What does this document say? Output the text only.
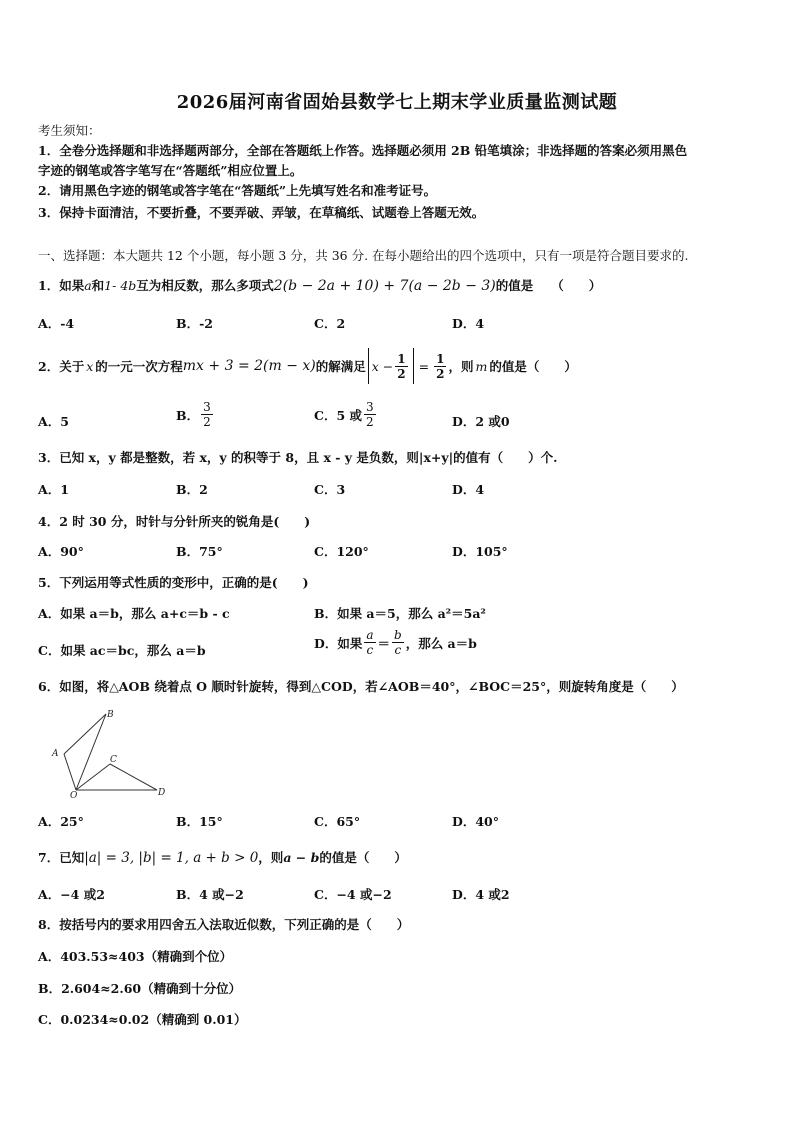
2026届河南省固始县数学七上期末学业质量监测试题
考生须知：
1．全卷分选择题和非选择题两部分，全部在答题纸上作答。选择题必须用 2B 铅笔填涂；非选择题的答案必须用黑色
字迹的钢笔或答字笔写在“答题纸”相应位置上。
2．请用黑色字迹的钢笔或答字笔在“答题纸”上先填写姓名和准考证号。
3．保持卡面清洁，不要折叠，不要弄破、弄皱，在草稿纸、试题卷上答题无效。
一、选择题：本大题共 12 个小题，每小题 3 分，共 36 分. 在每小题给出的四个选项中，只有一项是符合题目要求的.
1．如果a和1- 4b互为相反数，那么多项式2(b − 2a + 10) + 7(a − 2b − 3)的值是 （　　）
A．-4	B．-2	C．2	D．4
2．关于 x 的一元一次方程 mx + 3 = 2(m − x) 的解满足 $x - \frac{1}{2} = \frac{1}{2}$ ，则 m 的值是（　　）
A．5	B． $\frac{3}{2}$	C．5 或 $\frac{3}{2}$	D．2 或0
3．已知 x，y 都是整数，若 x，y 的积等于 8，且 x - y 是负数，则|x+y|的值有（　　）个.
A．1	B．2	C．3	D．4
4．2 时 30 分，时针与分针所夹的锐角是(　　)
A．90°	B．75°	C．120°	D．105°
5．下列运用等式性质的变形中，正确的是(　　)
A．如果 a＝b，那么 a+c＝b - c	B．如果 a＝5，那么 a²＝5a²
C．如果 ac＝bc，那么 a＝b	D．如果 $\frac{a}{c} = \frac{b}{c}$ ，那么 a＝b
6．如图，将△AOB 绕着点 O 顺时针旋转，得到△COD，若∠AOB＝40°，∠BOC＝25°，则旋转角度是（　　）
A
B
C
O	D
A．25°	B．15°	C．65°	D．40°
7．已知|a| = 3, |b| = 1, a + b > 0，则a − b的值是（　　）
A．−4 或2	B．4 或−2	C．−4 或−2	D．4 或2
8．按括号内的要求用四舍五入法取近似数，下列正确的是（　　）
A．403.53≈403（精确到个位）
B．2.604≈2.60（精确到十分位）
C．0.0234≈0.02（精确到 0.01）
